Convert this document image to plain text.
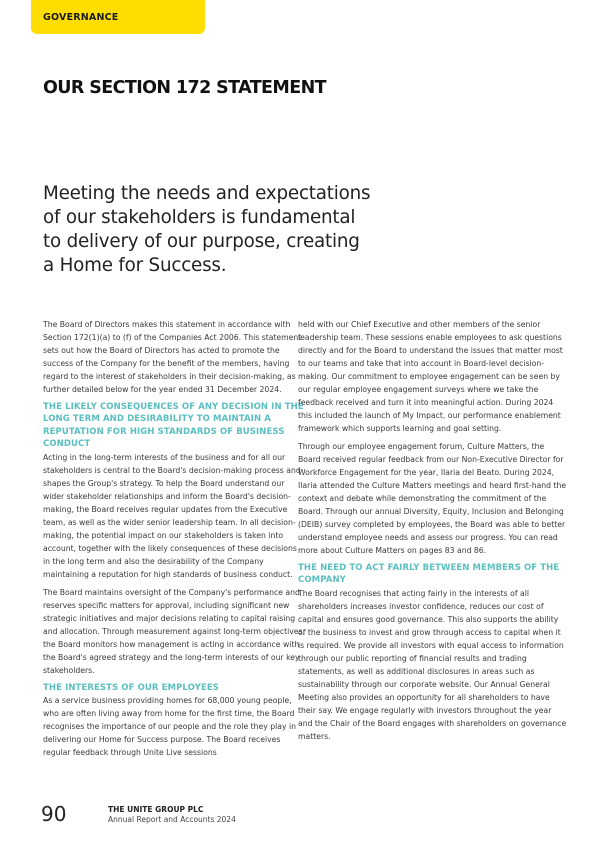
GOVERNANCE
OUR SECTION 172 STATEMENT

Meeting the needs and expectations of our stakeholders is fundamental to delivery of our purpose, creating a Home for Success.

The Board of Directors makes this statement in accordance with Section 172(1)(a) to (f) of the Companies Act 2006. This statement sets out how the Board of Directors has acted to promote the success of the Company for the benefit of the members, having regard to the interest of stakeholders in their decision-making, as further detailed below for the year ended 31 December 2024.

THE LIKELY CONSEQUENCES OF ANY DECISION IN THE LONG TERM AND DESIRABILITY TO MAINTAIN A REPUTATION FOR HIGH STANDARDS OF BUSINESS CONDUCT

Acting in the long-term interests of the business and for all our stakeholders is central to the Board's decision-making process and shapes the Group's strategy. To help the Board understand our wider stakeholder relationships and inform the Board's decision-making, the Board receives regular updates from the Executive team, as well as the wider senior leadership team. In all decision-making, the potential impact on our stakeholders is taken into account, together with the likely consequences of these decisions in the long term and also the desirability of the Company maintaining a reputation for high standards of business conduct.

The Board maintains oversight of the Company's performance and reserves specific matters for approval, including significant new strategic initiatives and major decisions relating to capital raising and allocation. Through measurement against long-term objectives, the Board monitors how management is acting in accordance with the Board's agreed strategy and the long-term interests of our key stakeholders.

THE INTERESTS OF OUR EMPLOYEES

As a service business providing homes for 68,000 young people, who are often living away from home for the first time, the Board recognises the importance of our people and the role they play in delivering our Home for Success purpose. The Board receives regular feedback through Unite Live sessions

held with our Chief Executive and other members of the senior leadership team. These sessions enable employees to ask questions directly and for the Board to understand the issues that matter most to our teams and take that into account in Board-level decision-making. Our commitment to employee engagement can be seen by our regular employee engagement surveys where we take the feedback received and turn it into meaningful action. During 2024 this included the launch of My Impact, our performance enablement framework which supports learning and goal setting.

Through our employee engagement forum, Culture Matters, the Board received regular feedback from our Non-Executive Director for Workforce Engagement for the year, Ilaria del Beato. During 2024, Ilaria attended the Culture Matters meetings and heard first-hand the context and debate while demonstrating the commitment of the Board. Through our annual Diversity, Equity, Inclusion and Belonging (DEIB) survey completed by employees, the Board was able to better understand employee needs and assess our progress. You can read more about Culture Matters on pages 83 and 86.

THE NEED TO ACT FAIRLY BETWEEN MEMBERS OF THE COMPANY

The Board recognises that acting fairly in the interests of all shareholders increases investor confidence, reduces our cost of capital and ensures good governance. This also supports the ability of the business to invest and grow through access to capital when it is required. We provide all investors with equal access to information through our public reporting of financial results and trading statements, as well as additional disclosures in areas such as sustainability through our corporate website. Our Annual General Meeting also provides an opportunity for all shareholders to have their say. We engage regularly with investors throughout the year and the Chair of the Board engages with shareholders on governance matters.

90	THE UNITE GROUP PLC
Annual Report and Accounts 2024
